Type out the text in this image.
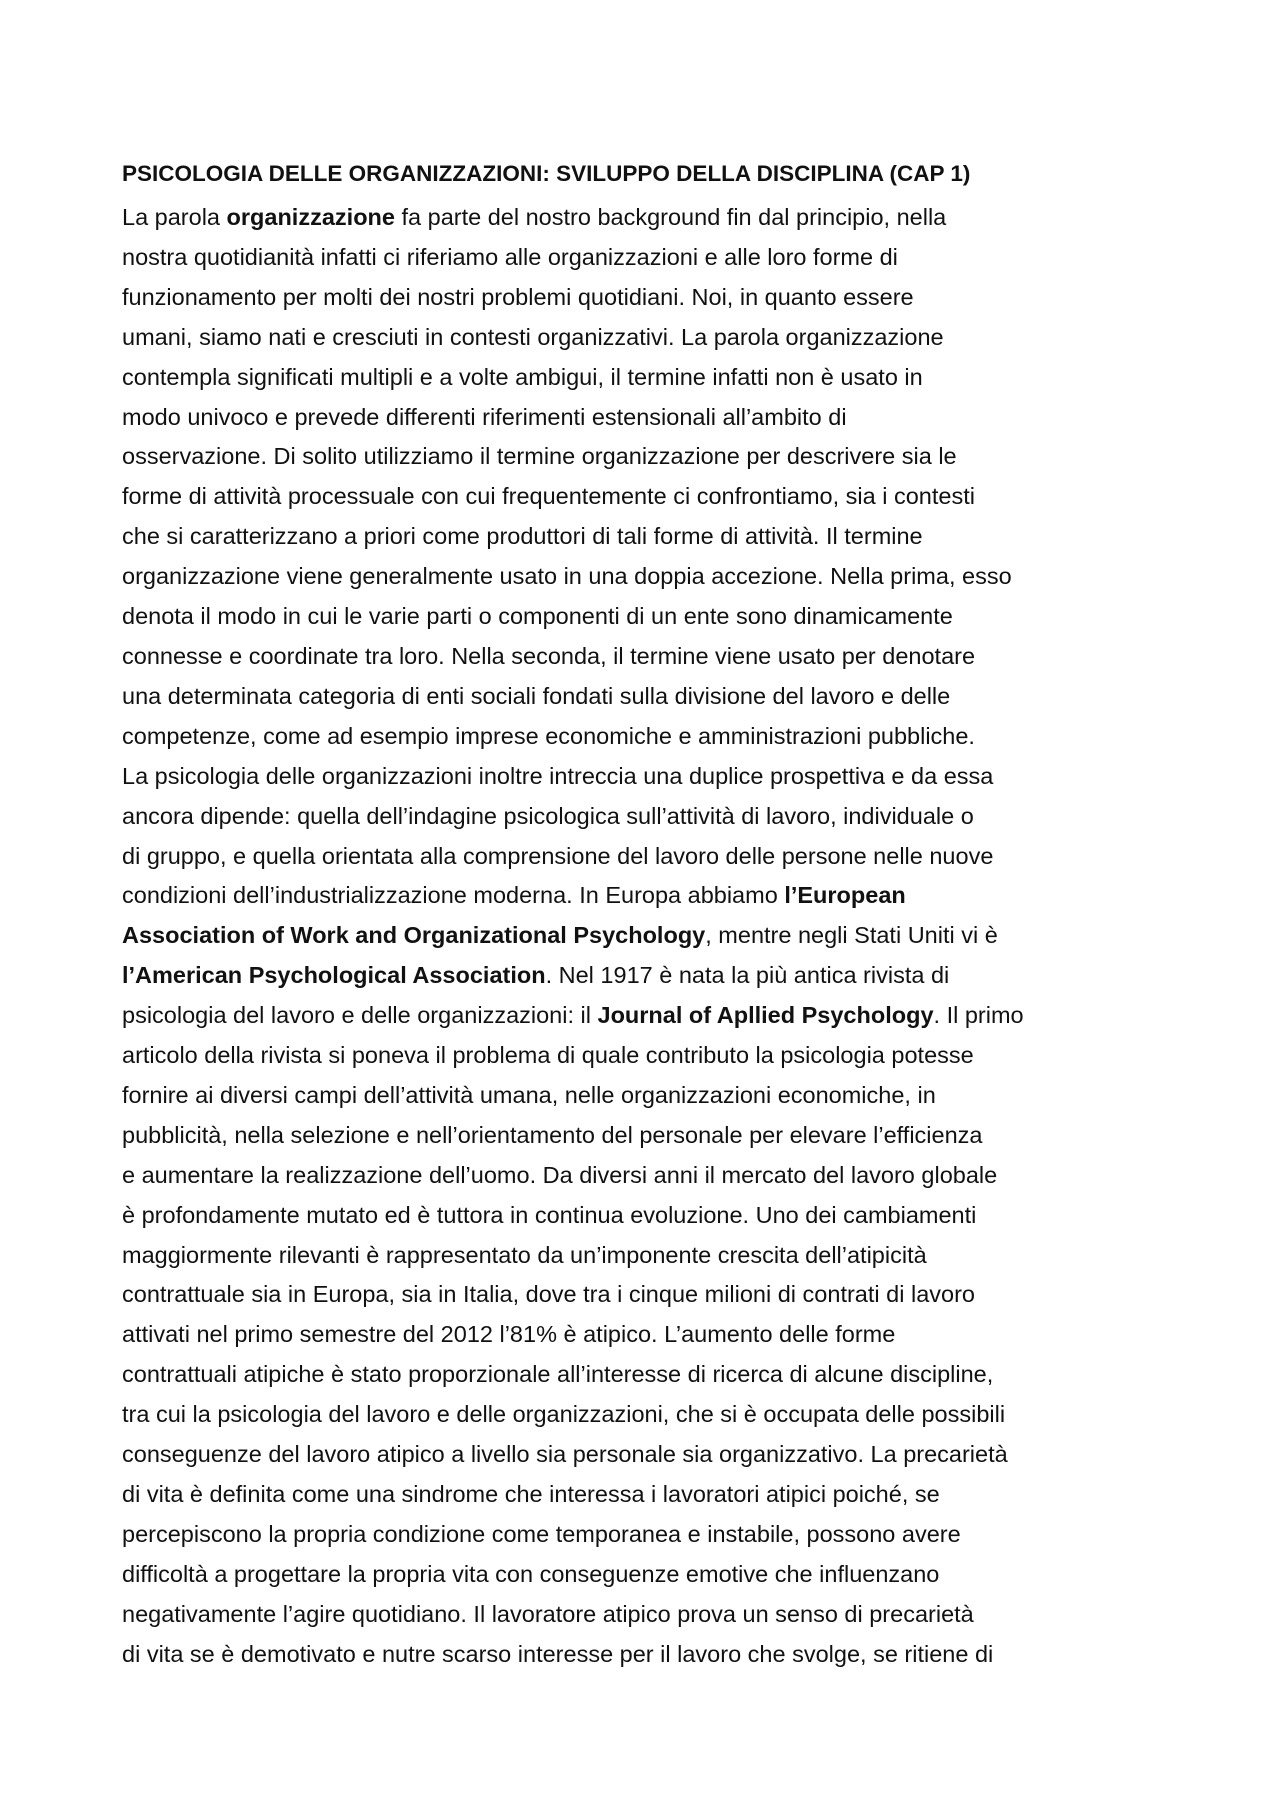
PSICOLOGIA DELLE ORGANIZZAZIONI: SVILUPPO DELLA DISCIPLINA (CAP 1)
La parola organizzazione fa parte del nostro background fin dal principio, nella
nostra quotidianità infatti ci riferiamo alle organizzazioni e alle loro forme di
funzionamento per molti dei nostri problemi quotidiani. Noi, in quanto essere
umani, siamo nati e cresciuti in contesti organizzativi. La parola organizzazione
contempla significati multipli e a volte ambigui, il termine infatti non è usato in
modo univoco e prevede differenti riferimenti estensionali all’ambito di
osservazione. Di solito utilizziamo il termine organizzazione per descrivere sia le
forme di attività processuale con cui frequentemente ci confrontiamo, sia i contesti
che si caratterizzano a priori come produttori di tali forme di attività. Il termine
organizzazione viene generalmente usato in una doppia accezione. Nella prima, esso
denota il modo in cui le varie parti o componenti di un ente sono dinamicamente
connesse e coordinate tra loro. Nella seconda, il termine viene usato per denotare
una determinata categoria di enti sociali fondati sulla divisione del lavoro e delle
competenze, come ad esempio imprese economiche e amministrazioni pubbliche.
La psicologia delle organizzazioni inoltre intreccia una duplice prospettiva e da essa
ancora dipende: quella dell’indagine psicologica sull’attività di lavoro, individuale o
di gruppo, e quella orientata alla comprensione del lavoro delle persone nelle nuove
condizioni dell’industrializzazione moderna. In Europa abbiamo l’European
Association of Work and Organizational Psychology, mentre negli Stati Uniti vi è
l’American Psychological Association. Nel 1917 è nata la più antica rivista di
psicologia del lavoro e delle organizzazioni: il Journal of Apllied Psychology. Il primo
articolo della rivista si poneva il problema di quale contributo la psicologia potesse
fornire ai diversi campi dell’attività umana, nelle organizzazioni economiche, in
pubblicità, nella selezione e nell’orientamento del personale per elevare l’efficienza
e aumentare la realizzazione dell’uomo. Da diversi anni il mercato del lavoro globale
è profondamente mutato ed è tuttora in continua evoluzione. Uno dei cambiamenti
maggiormente rilevanti è rappresentato da un’imponente crescita dell’atipicità
contrattuale sia in Europa, sia in Italia, dove tra i cinque milioni di contrati di lavoro
attivati nel primo semestre del 2012 l’81% è atipico. L’aumento delle forme
contrattuali atipiche è stato proporzionale all’interesse di ricerca di alcune discipline,
tra cui la psicologia del lavoro e delle organizzazioni, che si è occupata delle possibili
conseguenze del lavoro atipico a livello sia personale sia organizzativo. La precarietà
di vita è definita come una sindrome che interessa i lavoratori atipici poiché, se
percepiscono la propria condizione come temporanea e instabile, possono avere
difficoltà a progettare la propria vita con conseguenze emotive che influenzano
negativamente l’agire quotidiano. Il lavoratore atipico prova un senso di precarietà
di vita se è demotivato e nutre scarso interesse per il lavoro che svolge, se ritiene di
